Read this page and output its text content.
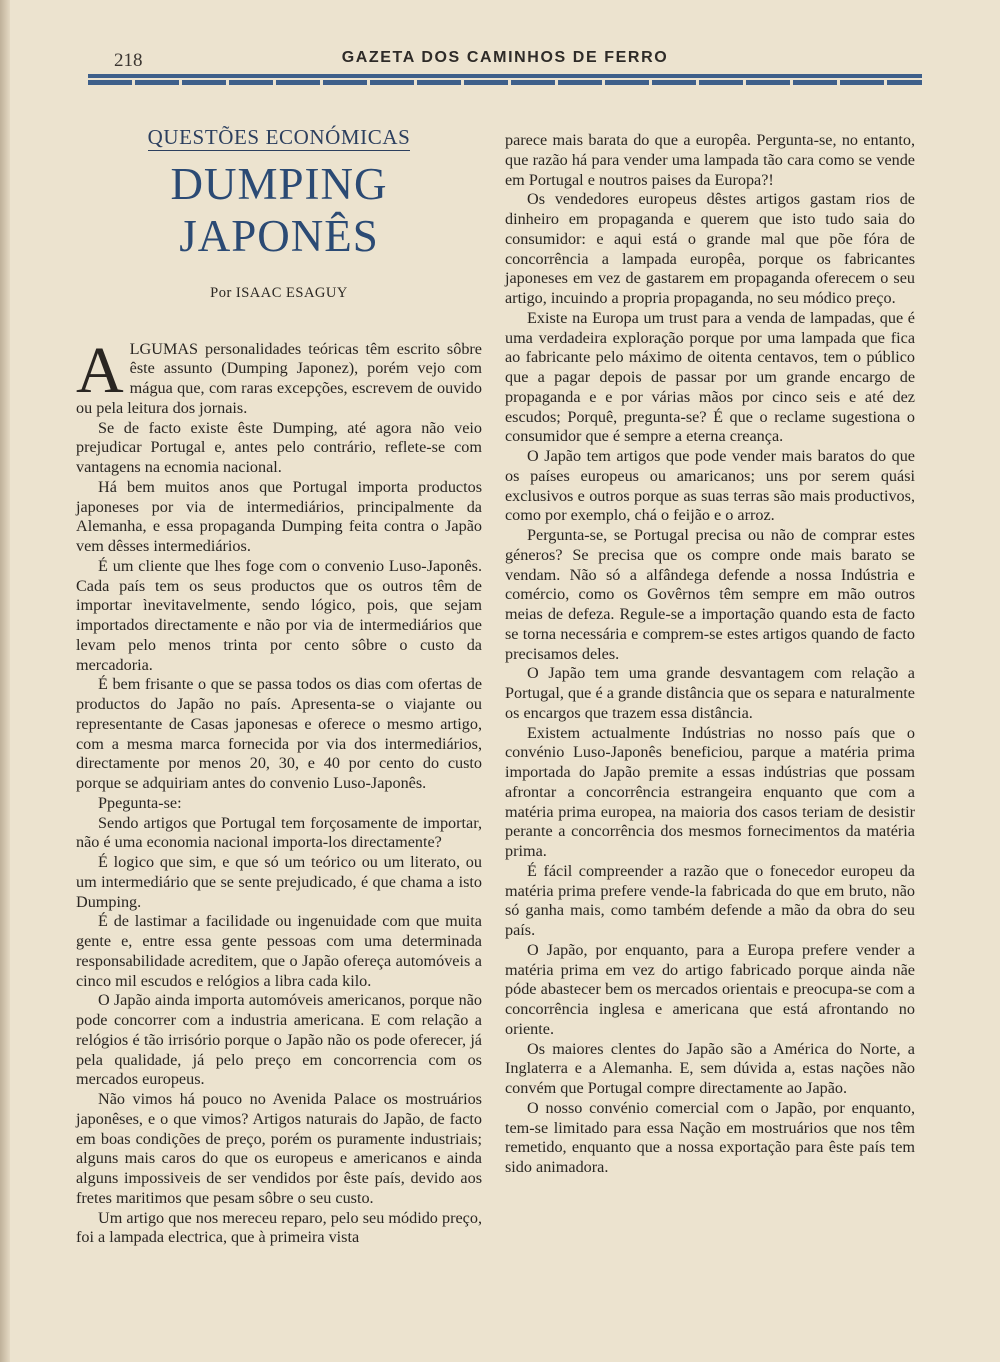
218	GAZETA DOS CAMINHOS DE FERRO
QUESTÕES ECONÓMICAS
DUMPING JAPONÊS
Por ISAAC ESAGUY

ALGUMAS personalidades teóricas têm escrito sôbre êste assunto (Dumping Japonez), porém vejo com mágua que, com raras excepções, escrevem de ouvido ou pela leitura dos jornais.

Se de facto existe êste Dumping, até agora não veio prejudicar Portugal e, antes pelo contrário, reflete-se com vantagens na ecnomia nacional.

Há bem muitos anos que Portugal importa productos japoneses por via de intermediários, principalmente da Alemanha, e essa propaganda Dumping feita contra o Japão vem dêsses intermediários.

É um cliente que lhes foge com o convenio Luso-Japonês. Cada país tem os seus productos que os outros têm de importar ìnevitavelmente, sendo lógico, pois, que sejam importados directamente e não por via de intermediários que levam pelo menos trinta por cento sôbre o custo da mercadoria.

É bem frisante o que se passa todos os dias com ofertas de productos do Japão no país. Apresenta-se o viajante ou representante de Casas japonesas e oferece o mesmo artigo, com a mesma marca fornecida por via dos intermediários, directamente por menos 20, 30, e 40 por cento do custo porque se adquiriam antes do convenio Luso-Japonês.

Ppegunta-se:

Sendo artigos que Portugal tem forçosamente de importar, não é uma economia nacional importa-los directamente?

É logico que sim, e que só um teórico ou um literato, ou um intermediário que se sente prejudicado, é que chama a isto Dumping.

É de lastimar a facilidade ou ingenuidade com que muita gente e, entre essa gente pessoas com uma determinada responsabilidade acreditem, que o Japão ofereça automóveis a cinco mil escudos e relógios a libra cada kilo.

O Japão ainda importa automóveis americanos, porque não pode concorrer com a industria americana. E com relação a relógios é tão irrisório porque o Japão não os pode oferecer, já pela qualidade, já pelo preço em concorrencia com os mercados europeus.

Não vimos há pouco no Avenida Palace os mostruários japonêses, e o que vimos? Artigos naturais do Japão, de facto em boas condições de preço, porém os puramente industriais; alguns mais caros do que os europeus e americanos e ainda alguns impossiveis de ser vendidos por êste país, devido aos fretes maritimos que pesam sôbre o seu custo.

Um artigo que nos mereceu reparo, pelo seu módido preço, foi a lampada electrica, que à primeira vista

parece mais barata do que a europêa. Pergunta-se, no entanto, que razão há para vender uma lampada tão cara como se vende em Portugal e noutros paises da Europa?!

Os vendedores europeus dêstes artigos gastam rios de dinheiro em propaganda e querem que isto tudo saia do consumidor: e aqui está o grande mal que põe fóra de concorrência a lampada europêa, porque os fabricantes japoneses em vez de gastarem em propaganda oferecem o seu artigo, incuindo a propria propaganda, no seu módico preço.

Existe na Europa um trust para a venda de lampadas, que é uma verdadeira exploração porque por uma lampada que fica ao fabricante pelo máximo de oitenta centavos, tem o público que a pagar depois de passar por um grande encargo de propaganda e e por várias mãos por cinco seis e até dez escudos; Porquê, pregunta-se? É que o reclame sugestiona o consumidor que é sempre a eterna creança.

O Japão tem artigos que pode vender mais baratos do que os países europeus ou amaricanos; uns por serem quási exclusivos e outros porque as suas terras são mais productivos, como por exemplo, chá o feijão e o arroz.

Pergunta-se, se Portugal precisa ou não de comprar estes géneros? Se precisa que os compre onde mais barato se vendam. Não só a alfândega defende a nossa Indústria e comércio, como os Govêrnos têm sempre em mão outros meias de defeza. Regule-se a importação quando esta de facto se torna necessária e comprem-se estes artigos quando de facto precisamos deles.

O Japão tem uma grande desvantagem com relação a Portugal, que é a grande distância que os separa e naturalmente os encargos que trazem essa distância.

Existem actualmente Indústrias no nosso país que o convénio Luso-Japonês beneficiou, parque a matéria prima importada do Japão premite a essas indústrias que possam afrontar a concorrência estrangeira enquanto que com a matéria prima europea, na maioria dos casos teriam de desistir perante a concorrência dos mesmos fornecimentos da matéria prima.

É fácil compreender a razão que o fonecedor europeu da matéria prima prefere vende-la fabricada do que em bruto, não só ganha mais, como também defende a mão da obra do seu país.

O Japão, por enquanto, para a Europa prefere vender a matéria prima em vez do artigo fabricado porque ainda nãe póde abastecer bem os mercados orientais e preocupa-se com a concorrência inglesa e americana que está afrontando no oriente.

Os maiores clentes do Japão são a América do Norte, a Inglaterra e a Alemanha. E, sem dúvida a, estas nações não convém que Portugal compre directamente ao Japão.

O nosso convénio comercial com o Japão, por enquanto, tem-se limitado para essa Nação em mostruários que nos têm remetido, enquanto que a nossa exportação para êste país tem sido animadora.
